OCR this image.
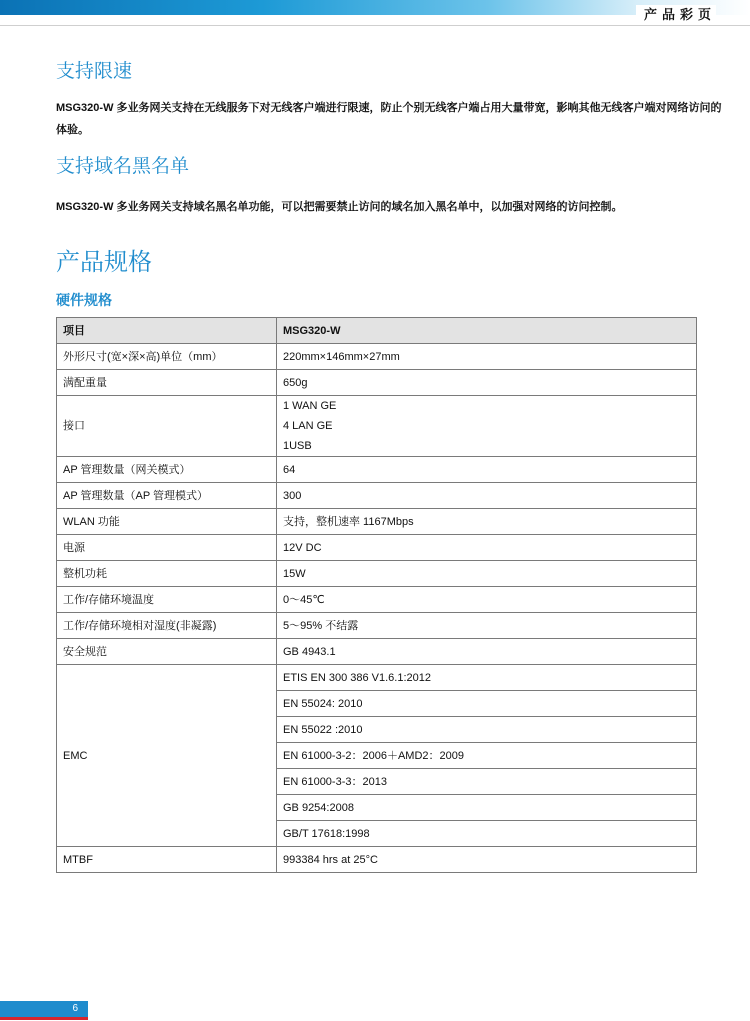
产品彩页
支持限速

MSG320-W 多业务网关支持在无线服务下对无线客户端进行限速，防止个别无线客户端占用大量带宽，影响其他无线客户端对网络访问的体验。

支持域名黑名单

MSG320-W 多业务网关支持域名黑名单功能，可以把需要禁止访问的域名加入黑名单中，以加强对网络的访问控制。

产品规格
硬件规格
项目	MSG320-W
外形尺寸(宽×深×高)单位（mm）	220mm×146mm×27mm
满配重量	650g
接口	1 WAN GE
4 LAN GE
1USB

AP 管理数量（网关模式）	64
AP 管理数量（AP 管理模式）	300
WLAN 功能	支持，整机速率 1167Mbps
电源	12V DC
整机功耗	15W
工作/存储环境温度	0～45℃
工作/存储环境相对湿度(非凝露)	5～95% 不结露
安全规范	GB 4943.1
EMC	ETIS EN 300 386 V1.6.1:2012
	EN 55024: 2010
	EN 55022 :2010
	EN 61000-3-2：2006＋AMD2：2009
	EN 61000-3-3：2013
	GB 9254:2008
	GB/T 17618:1998
MTBF	993384 hrs at 25°C
6
